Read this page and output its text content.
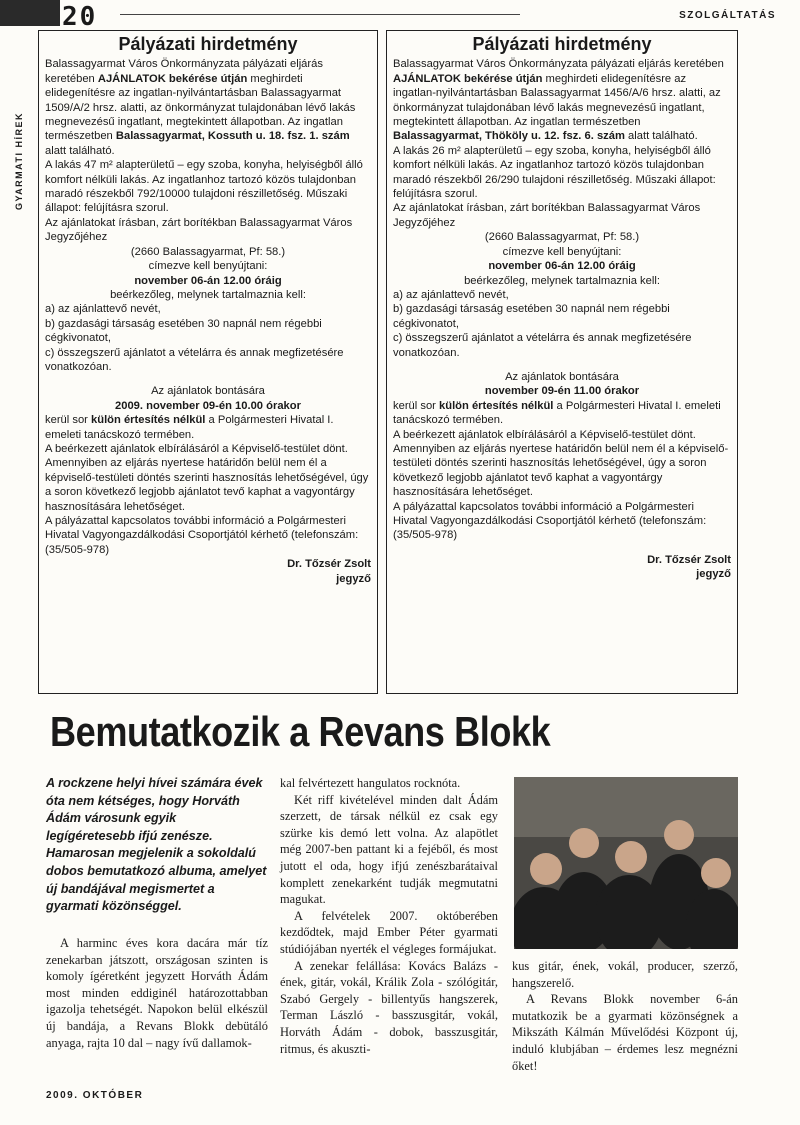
20	SZOLGÁLTATÁS
GYARMATI HÍREK
Pályázati hirdetmény

Balassagyarmat Város Önkormányzata pályázati eljárás keretében AJÁNLATOK bekérése útján meghirdeti elidegenítésre az ingatlan-nyilvántartásban Balassagyarmat 1509/A/2 hrsz. alatti, az önkormányzat tulajdonában lévő lakás megnevezésű ingatlant, megtekintett állapotban. Az ingatlan természetben Balassagyarmat, Kossuth u. 18. fsz. 1. szám alatt található.

A lakás 47 m² alapterületű – egy szoba, konyha, helyiségből álló komfort nélküli lakás. Az ingatlanhoz tartozó közös tulajdonban maradó részekből 792/10000 tulajdoni részilletőség. Műszaki állapot: felújításra szorul.

Az ajánlatokat írásban, zárt borítékban Balassagyarmat Város Jegyzőjéhez

(2660 Balassagyarmat, Pf: 58.)

címezve kell benyújtani:

november 06-án 12.00 óráig

beérkezőleg, melynek tartalmaznia kell:

a) az ajánlattevő nevét,

b) gazdasági társaság esetében 30 napnál nem régebbi cégkivonatot,

c) összegszerű ajánlatot a vételárra és annak megfizetésére vonatkozóan.

Az ajánlatok bontására

2009. november 09-én 10.00 órakor

kerül sor külön értesítés nélkül a Polgármesteri Hivatal I. emeleti tanácskozó termében.

A beérkezett ajánlatok elbírálásáról a Képviselő-testület dönt.

Amennyiben az eljárás nyertese határidőn belül nem él a képviselő-testületi döntés szerinti hasznosítás lehetőségével, úgy a soron következő legjobb ajánlatot tevő kaphat a vagyontárgy hasznosítására lehetőséget.

A pályázattal kapcsolatos további információ a Polgármesteri Hivatal Vagyongazdálkodási Csoportjától kérhető (telefonszám: (35/505-978)

Dr. Tőzsér Zsolt

jegyző

Pályázati hirdetmény

Balassagyarmat Város Önkormányzata pályázati eljárás keretében AJÁNLATOK bekérése útján meghirdeti elidegenítésre az ingatlan-nyilvántartásban Balassagyarmat 1456/A/6 hrsz. alatti, az önkormányzat tulajdonában lévő lakás megnevezésű ingatlant, megtekintett állapotban. Az ingatlan természetben Balassagyarmat, Thököly u. 12. fsz. 6. szám alatt található.

A lakás 26 m² alapterületű – egy szoba, konyha, helyiségből álló komfort nélküli lakás. Az ingatlanhoz tartozó közös tulajdonban maradó részekből 26/290 tulajdoni részilletőség. Műszaki állapot: felújításra szorul.

Az ajánlatokat írásban, zárt borítékban Balassagyarmat Város Jegyzőjéhez

(2660 Balassagyarmat, Pf: 58.)

címezve kell benyújtani:

november 06-án 12.00 óráig

beérkezőleg, melynek tartalmaznia kell:

a) az ajánlattevő nevét,

b) gazdasági társaság esetében 30 napnál nem régebbi cégkivonatot,

c) összegszerű ajánlatot a vételárra és annak megfizetésére vonatkozóan.

Az ajánlatok bontására

november 09-én 11.00 órakor

kerül sor külön értesítés nélkül a Polgármesteri Hivatal I. emeleti tanácskozó termében.

A beérkezett ajánlatok elbírálásáról a Képviselő-testület dönt.

Amennyiben az eljárás nyertese határidőn belül nem él a képviselő-testületi döntés szerinti hasznosítás lehetőségével, úgy a soron következő legjobb ajánlatot tevő kaphat a vagyontárgy hasznosítására lehetőséget.

A pályázattal kapcsolatos további információ a Polgármesteri Hivatal Vagyongazdálkodási Csoportjától kérhető (telefonszám: (35/505-978)

Dr. Tőzsér Zsolt

jegyző

Bemutatkozik a Revans Blokk
A rockzene helyi hívei számára évek óta nem kétséges, hogy Horváth Ádám városunk egyik legígéretesebb ifjú zenésze. Hamarosan megjelenik a sokoldalú dobos bemutatkozó albuma, amelyet új bandájával megismertet a gyarmati közönséggel.

A harminc éves kora dacára már tíz zenekarban játszott, országosan szinten is komoly ígéretként jegyzett Horváth Ádám most minden eddiginél határozottabban igazolja tehetségét. Napokon belül elkészül új bandája, a Revans Blokk debütáló anyaga, rajta 10 dal – nagy ívű dallamok-

kal felvértezett hangulatos rocknóta.

Két riff kivételével minden dalt Ádám szerzett, de társak nélkül ez csak egy szürke kis demó lett volna. Az alapötlet még 2007-ben pattant ki a fejéből, és most jutott el oda, hogy ifjú zenészbarátaival komplett zenekarként tudják megmutatni magukat.

A felvételek 2007. októberében kezdődtek, majd Ember Péter gyarmati stúdiójában nyerték el végleges formájukat.

A zenekar felállása: Kovács Balázs - ének, gitár, vokál, Králik Zola - szólógitár, Szabó Gergely - billentyűs hangszerek, Terman László - basszusgitár, vokál, Horváth Ádám - dobok, basszusgitár, ritmus, és akuszti-

kus gitár, ének, vokál, producer, szerző, hangszerelő.

A Revans Blokk november 6-án mutatkozik be a gyarmati közönségnek a Mikszáth Kálmán Művelődési Központ új, induló klubjában – érdemes lesz megnézni őket!

2009. OKTÓBER
